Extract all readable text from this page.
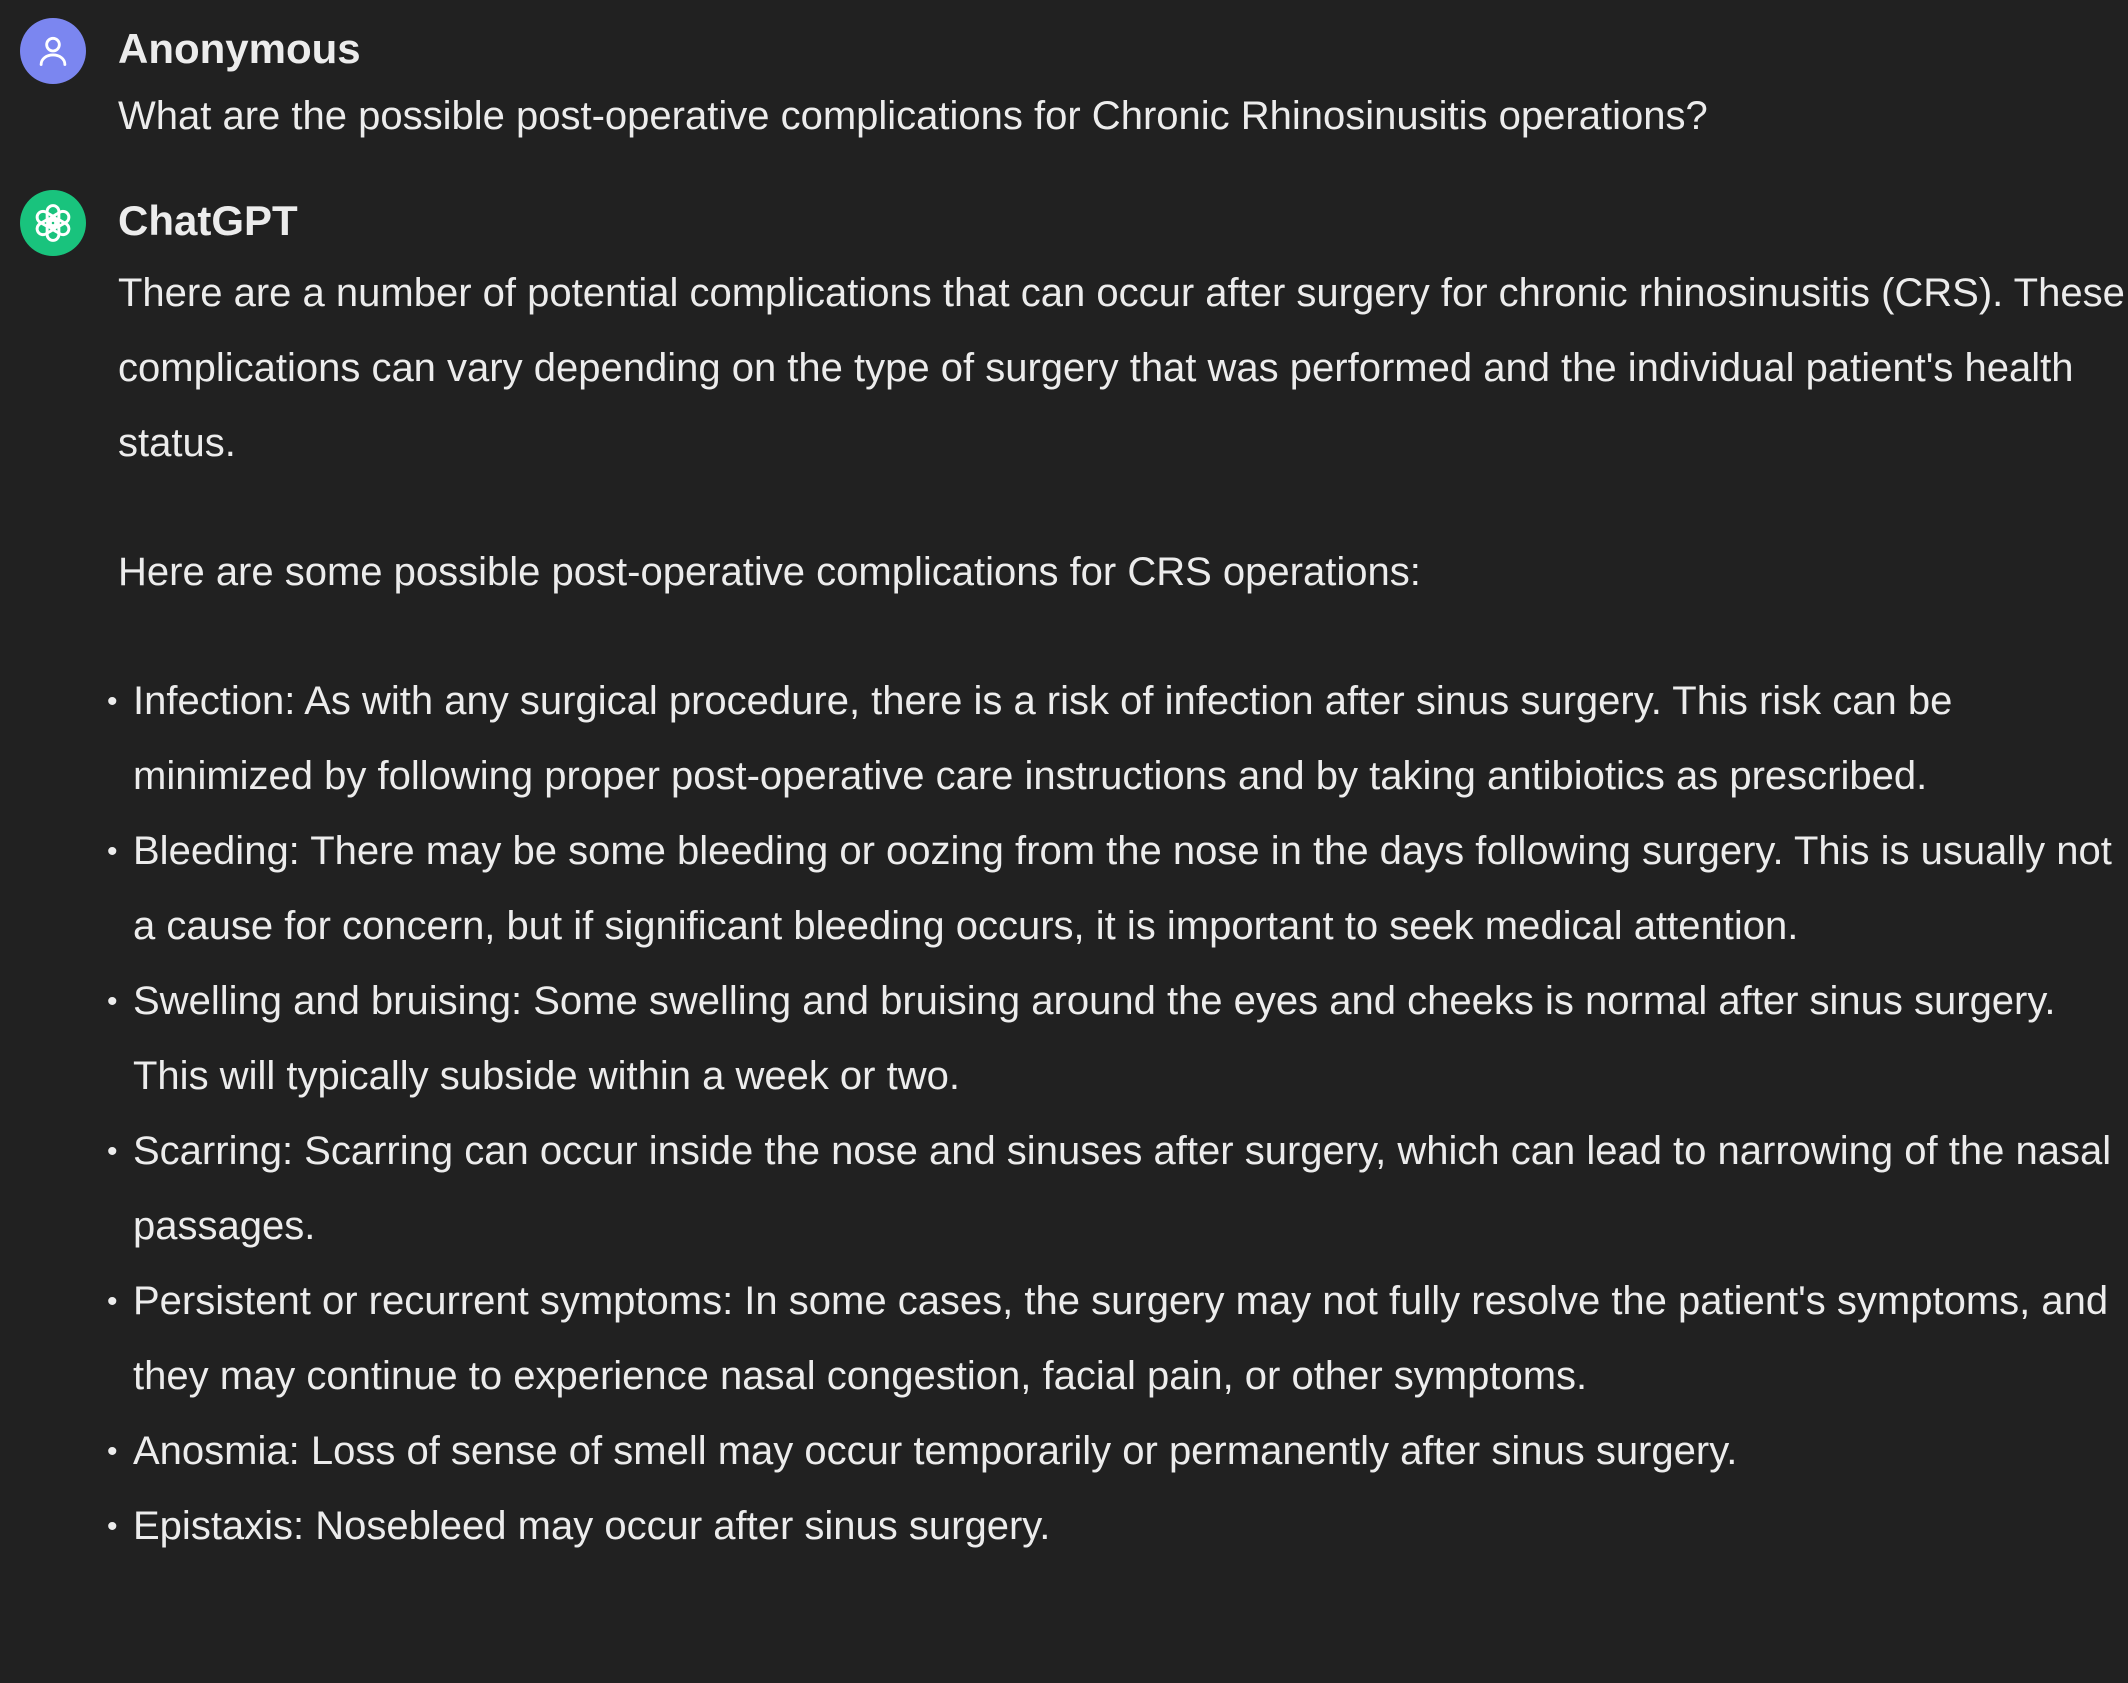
Anonymous
What are the possible post-operative complications for Chronic Rhinosinusitis operations?
ChatGPT

There are a number of potential complications that can occur after surgery for chronic rhinosinusitis (CRS). These complications can vary depending on the type of surgery that was performed and the individual patient's health status.

Here are some possible post-operative complications for CRS operations:

• Infection: As with any surgical procedure, there is a risk of infection after sinus surgery. This risk can be minimized by following proper post-operative care instructions and by taking antibiotics as prescribed.
• Bleeding: There may be some bleeding or oozing from the nose in the days following surgery. This is usually not a cause for concern, but if significant bleeding occurs, it is important to seek medical attention.
• Swelling and bruising: Some swelling and bruising around the eyes and cheeks is normal after sinus surgery. This will typically subside within a week or two.
• Scarring: Scarring can occur inside the nose and sinuses after surgery, which can lead to narrowing of the nasal passages.
• Persistent or recurrent symptoms: In some cases, the surgery may not fully resolve the patient's symptoms, and they may continue to experience nasal congestion, facial pain, or other symptoms.
• Anosmia: Loss of sense of smell may occur temporarily or permanently after sinus surgery.
• Epistaxis: Nosebleed may occur after sinus surgery.
